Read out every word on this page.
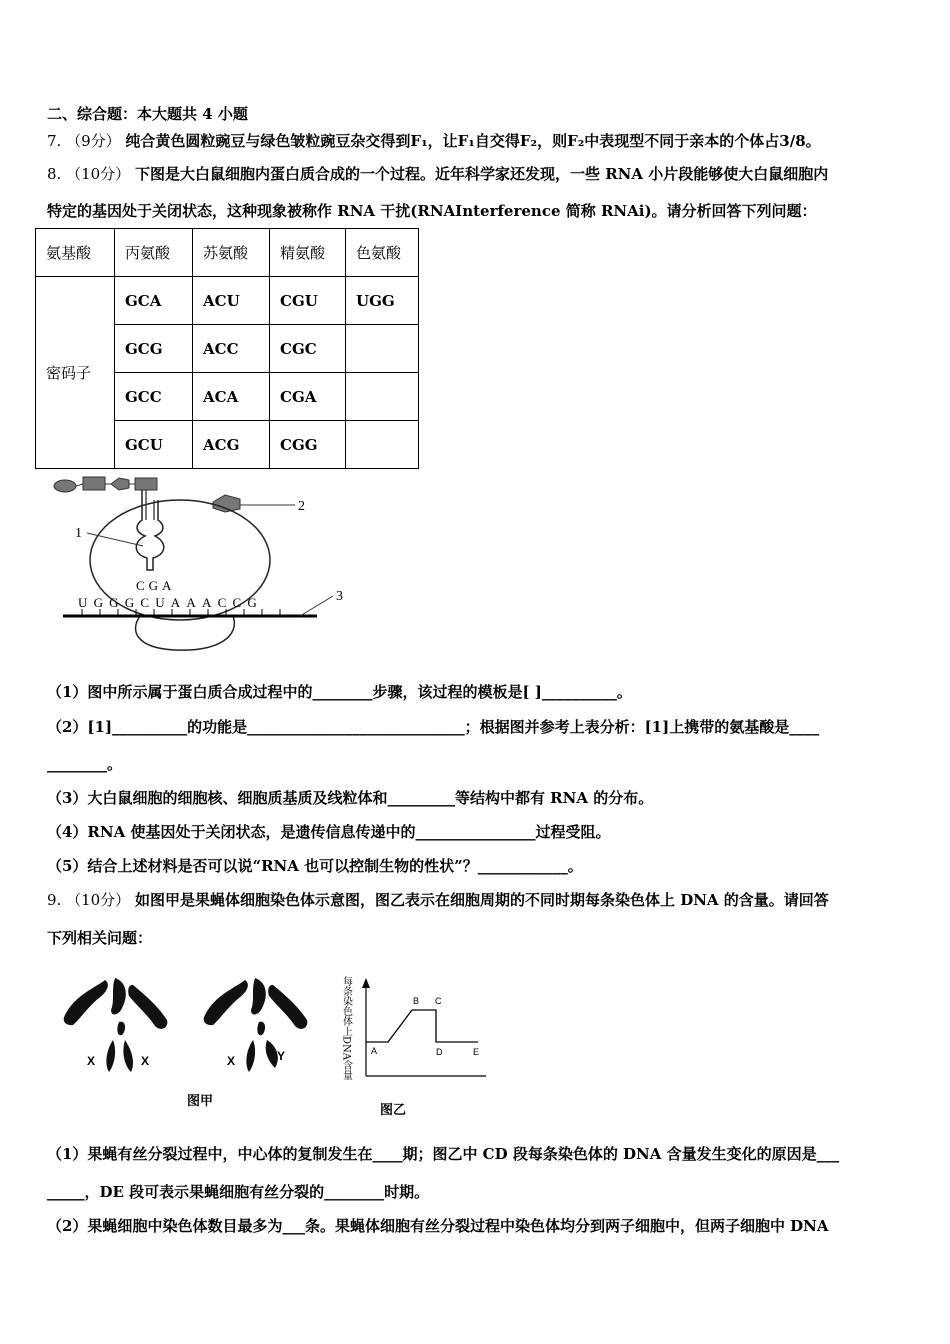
二、综合题：本大题共 4 小题
7. （9分） 纯合黄色圆粒豌豆与绿色皱粒豌豆杂交得到F₁，让F₁自交得F₂，则F₂中表现型不同于亲本的个体占3/8。
8. （10分） 下图是大白鼠细胞内蛋白质合成的一个过程。近年科学家还发现，一些 RNA 小片段能够使大白鼠细胞内
特定的基因处于关闭状态，这种现象被称作 RNA 干扰(RNAInterference 简称 RNAi)。请分析回答下列问题：
氨基酸	丙氨酸	苏氨酸	精氨酸	色氨酸
密码子	GCA	ACU	CGU	UGG
	GCG	ACC	CGC	
	GCC	ACA	CGA	
	GCU	ACG	CGG	
2
1
CGA
UGGGCUAAACCG	3
（1）图中所示属于蛋白质合成过程中的________步骤，该过程的模板是[ ]__________。
（2）[1]__________的功能是_____________________________；根据图并参考上表分析：[1]上携带的氨基酸是____
________。
（3）大白鼠细胞的细胞核、细胞质基质及线粒体和_________等结构中都有 RNA 的分布。
（4）RNA 使基因处于关闭状态，是遗传信息传递中的________________过程受阻。
（5）结合上述材料是否可以说“RNA 也可以控制生物的性状”？____________。
9. （10分） 如图甲是果蝇体细胞染色体示意图，图乙表示在细胞周期的不同时期每条染色体上 DNA 的含量。请回答
下列相关问题：
X	X	X	Y
图甲
每条染色体上DNA含量 A
B C
D	E
图乙
（1）果蝇有丝分裂过程中，中心体的复制发生在____期；图乙中 CD 段每条染色体的 DNA 含量发生变化的原因是___
_____，DE 段可表示果蝇细胞有丝分裂的________时期。
（2）果蝇细胞中染色体数目最多为___条。果蝇体细胞有丝分裂过程中染色体均分到两子细胞中，但两子细胞中 DNA
